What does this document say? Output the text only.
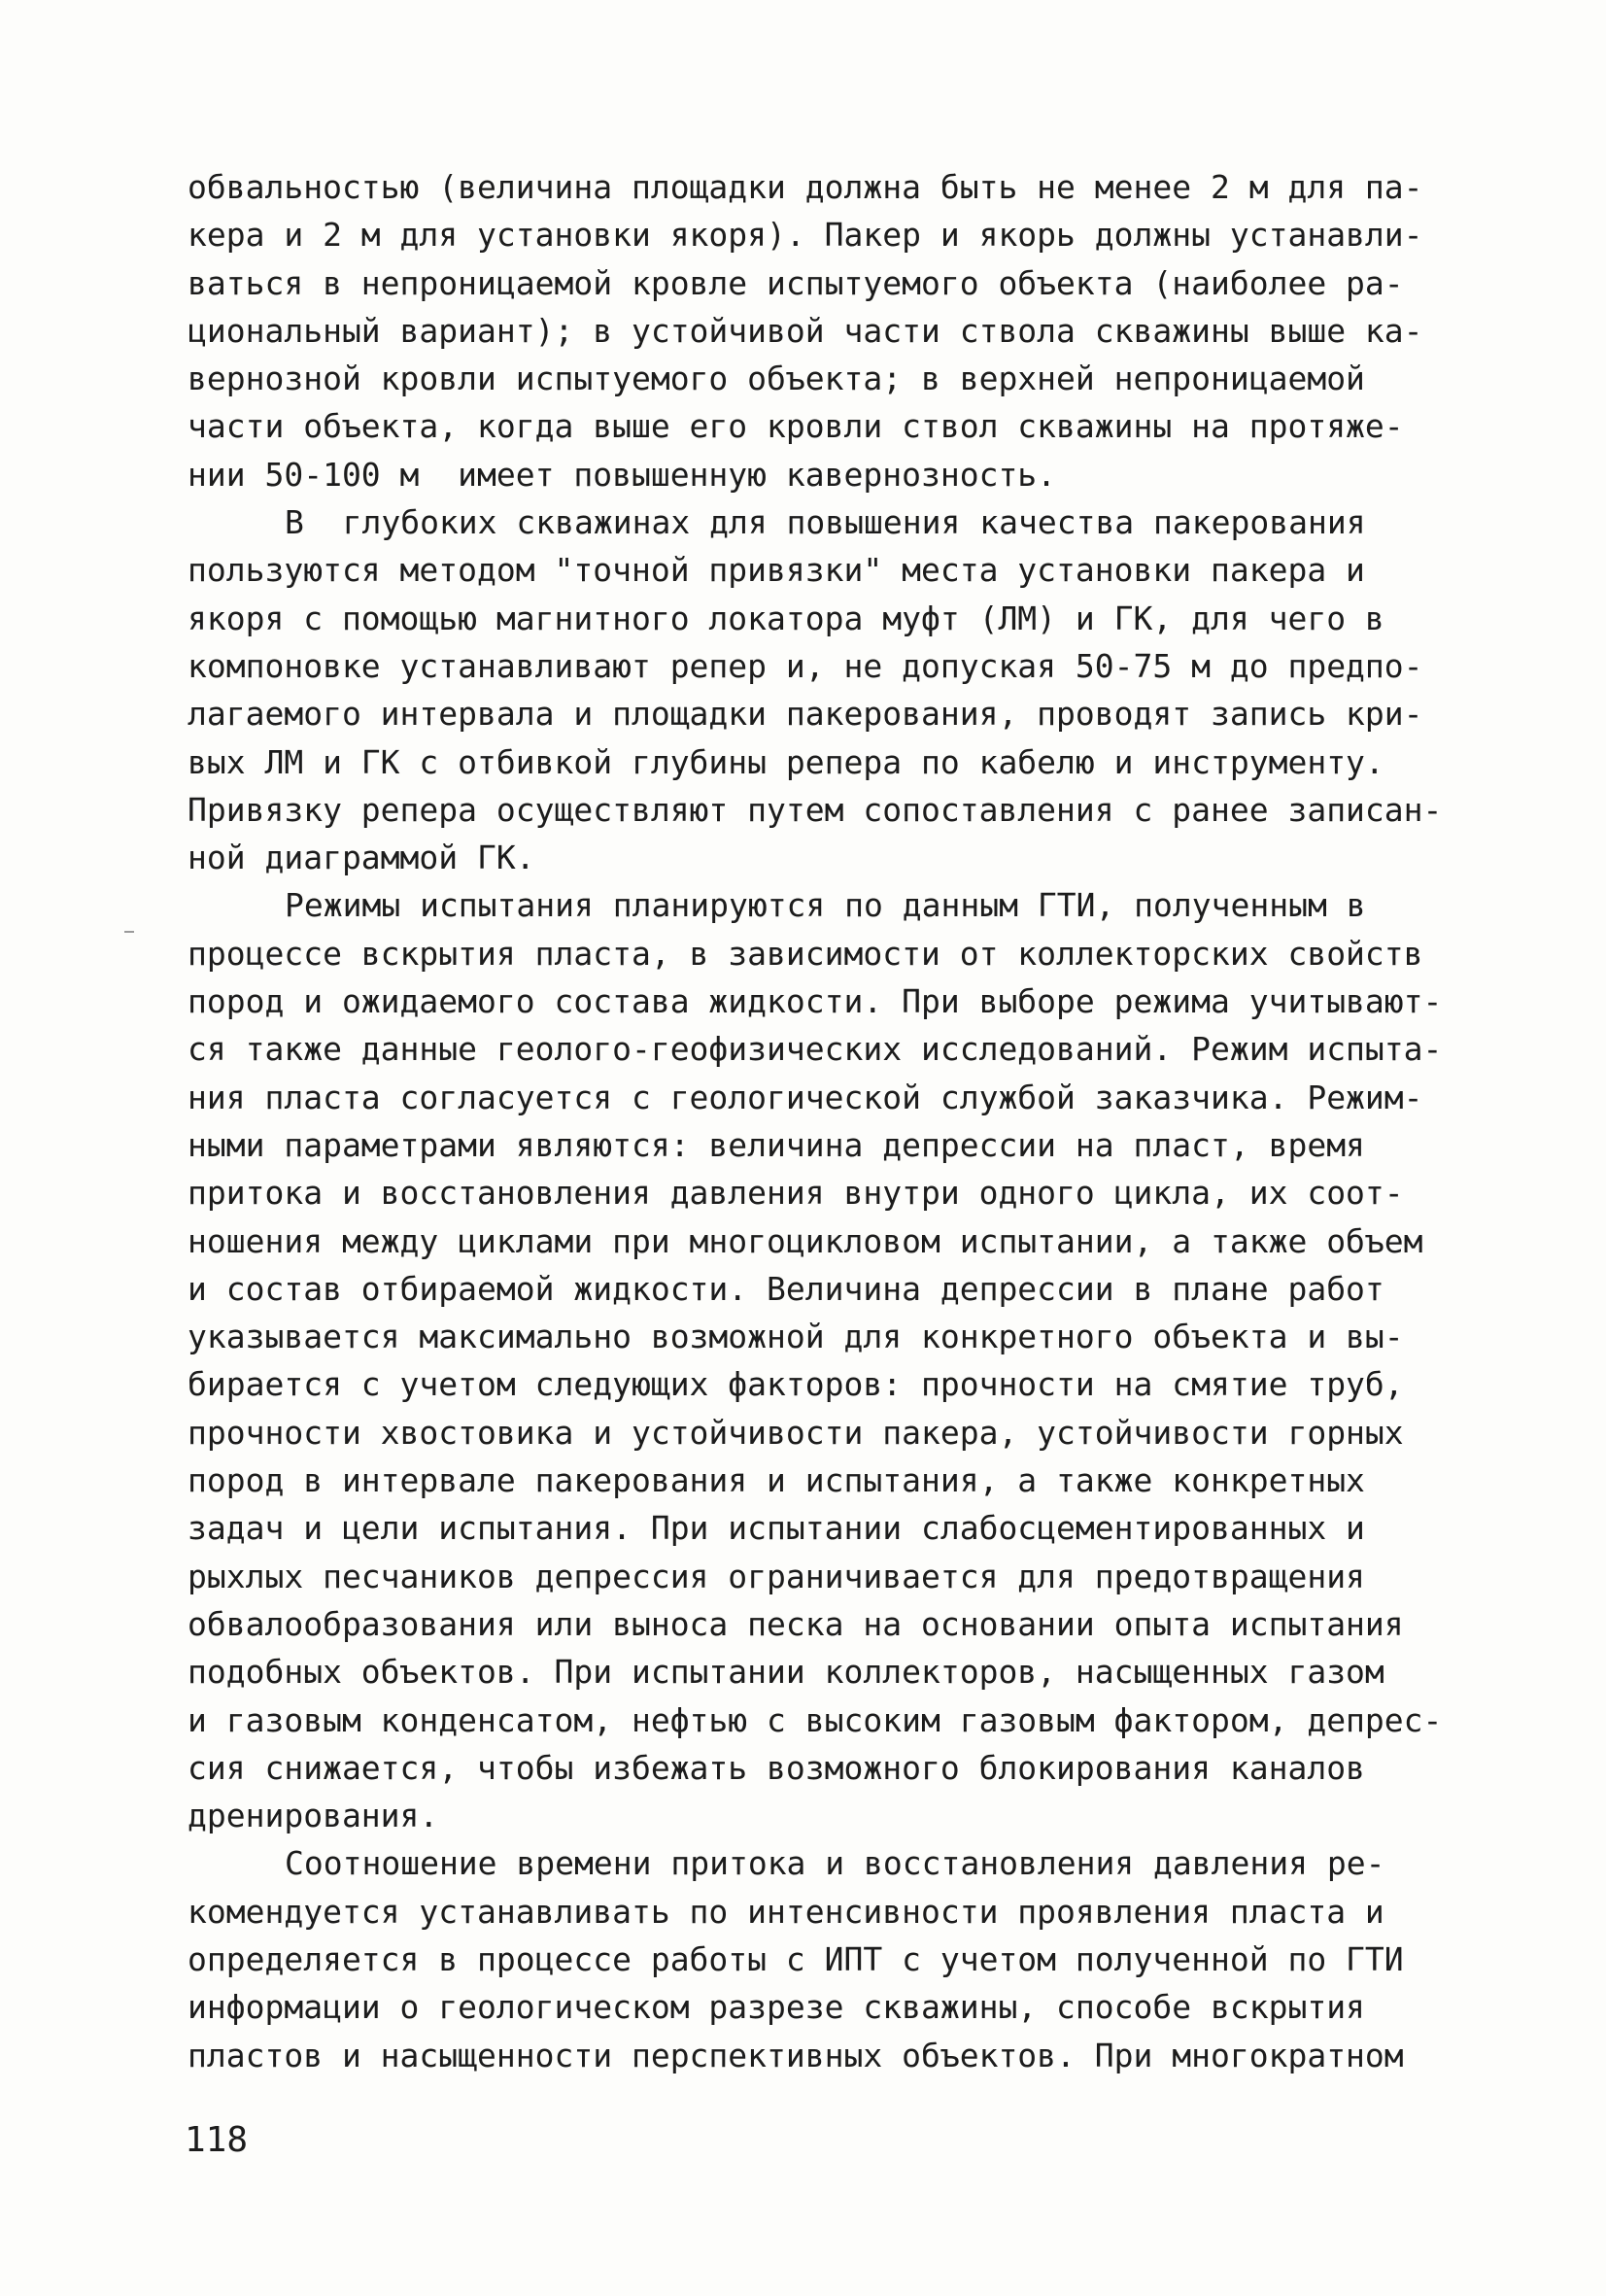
обвальностью (величина площадки должна быть не менее 2 м для па-
кера и 2 м для установки якоря). Пакер и якорь должны устанавли-
ваться в непроницаемой кровле испытуемого объекта (наиболее ра-
циональный вариант); в устойчивой части ствола скважины выше ка-
вернозной кровли испытуемого объекта; в верхней непроницаемой
части объекта, когда выше его кровли ствол скважины на протяже-
нии 50-100 м  имеет повышенную кавернозность.
В  глубоких скважинах для повышения качества пакерования
пользуются методом "точной привязки" места установки пакера и
якоря с помощью магнитного локатора муфт (ЛМ) и ГК, для чего в
компоновке устанавливают репер и, не допуская 50-75 м до предпо-
лагаемого интервала и площадки пакерования, проводят запись кри-
вых ЛМ и ГК с отбивкой глубины репера по кабелю и инструменту.
Привязку репера осуществляют путем сопоставления с ранее записан-
ной диаграммой ГК.
Режимы испытания планируются по данным ГТИ, полученным в
процессе вскрытия пласта, в зависимости от коллекторских свойств
пород и ожидаемого состава жидкости. При выборе режима учитывают-
ся также данные геолого-геофизических исследований. Режим испыта-
ния пласта согласуется с геологической службой заказчика. Режим-
ными параметрами являются: величина депрессии на пласт, время
притока и восстановления давления внутри одного цикла, их соот-
ношения между циклами при многоцикловом испытании, а также объем
и состав отбираемой жидкости. Величина депрессии в плане работ
указывается максимально возможной для конкретного объекта и вы-
бирается с учетом следующих факторов: прочности на смятие труб,
прочности хвостовика и устойчивости пакера, устойчивости горных
пород в интервале пакерования и испытания, а также конкретных
задач и цели испытания. При испытании слабосцементированных и
рыхлых песчаников депрессия ограничивается для предотвращения
обвалообразования или выноса песка на основании опыта испытания
подобных объектов. При испытании коллекторов, насыщенных газом
и газовым конденсатом, нефтью с высоким газовым фактором, депрес-
сия снижается, чтобы избежать возможного блокирования каналов
дренирования.
Соотношение времени притока и восстановления давления ре-
комендуется устанавливать по интенсивности проявления пласта и
определяется в процессе работы с ИПТ с учетом полученной по ГТИ
информации о геологическом разрезе скважины, способе вскрытия
пластов и насыщенности перспективных объектов. При многократном
118
